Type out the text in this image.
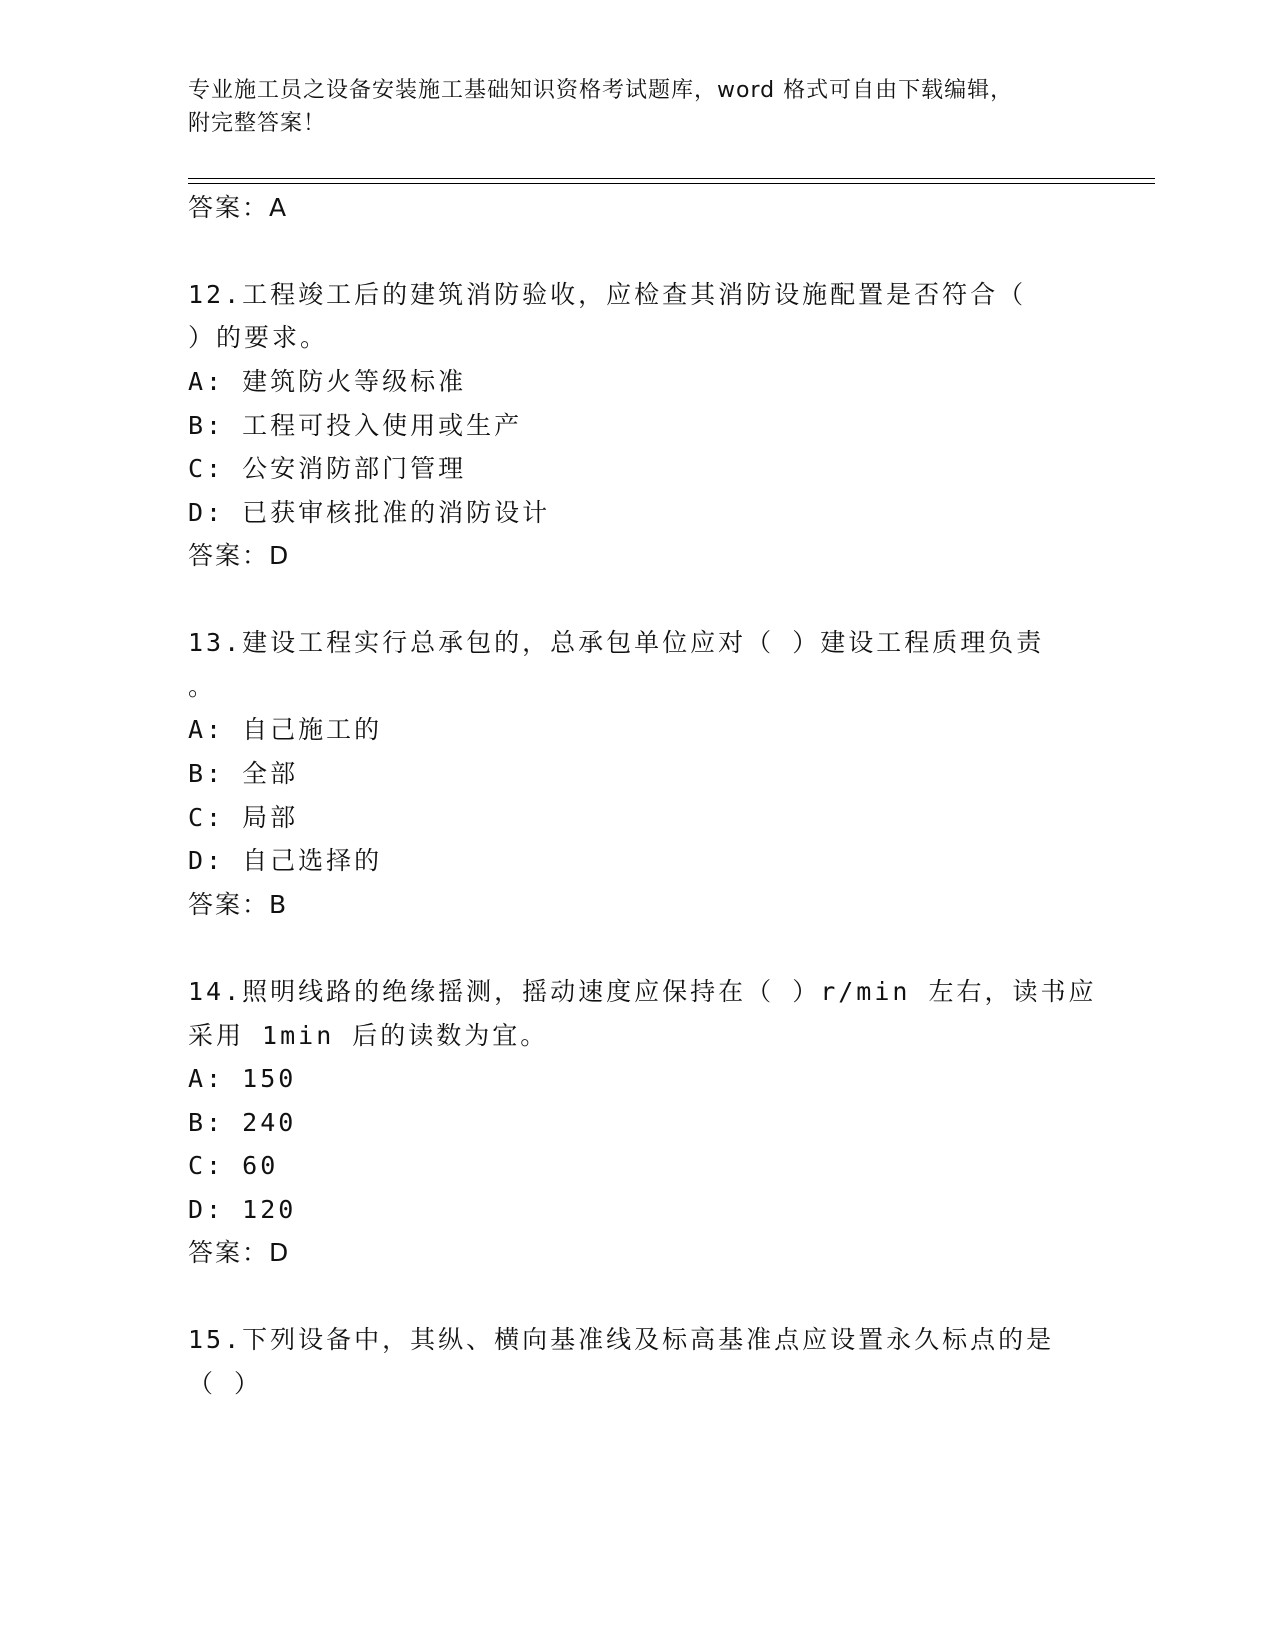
专业施工员之设备安装施工基础知识资格考试题库，word 格式可自由下载编辑，
附完整答案！
答案：A
12.工程竣工后的建筑消防验收，应检查其消防设施配置是否符合（
）的要求。
A: 建筑防火等级标准
B: 工程可投入使用或生产
C: 公安消防部门管理
D: 已获审核批准的消防设计
答案：D
13.建设工程实行总承包的，总承包单位应对（ ）建设工程质理负责
。
A: 自己施工的
B: 全部
C: 局部
D: 自己选择的
答案：B
14.照明线路的绝缘摇测，摇动速度应保持在（ ）r/min 左右，读书应
采用 1min 后的读数为宜。
A: 150
B: 240
C: 60
D: 120
答案：D
15.下列设备中，其纵、横向基准线及标高基准点应设置永久标点的是
（ ）
